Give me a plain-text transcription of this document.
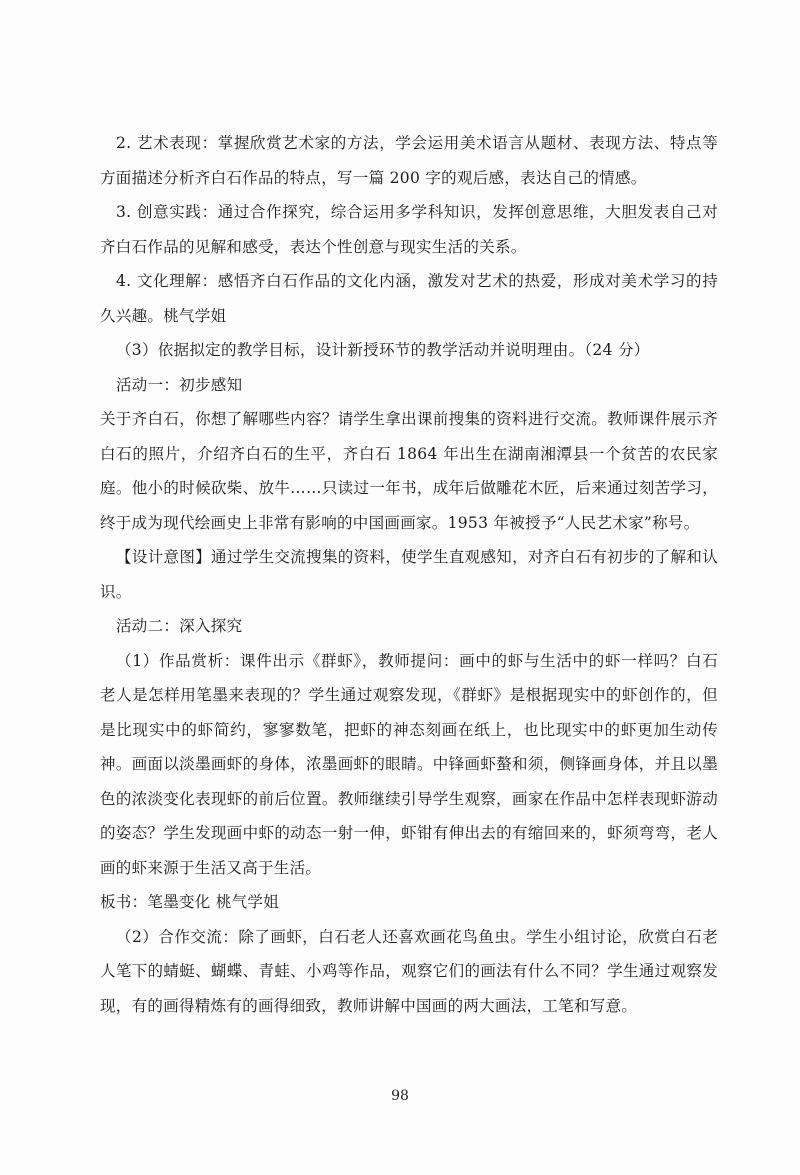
2. 艺术表现：掌握欣赏艺术家的方法，学会运用美术语言从题材、表现方法、特点等方面描述分析齐白石作品的特点，写一篇 200 字的观后感，表达自己的情感。

3. 创意实践：通过合作探究，综合运用多学科知识，发挥创意思维，大胆发表自己对齐白石作品的见解和感受，表达个性创意与现实生活的关系。

4. 文化理解：感悟齐白石作品的文化内涵，激发对艺术的热爱，形成对美术学习的持久兴趣。桃气学姐

（3）依据拟定的教学目标，设计新授环节的教学活动并说明理由。（24 分）

活动一：初步感知

关于齐白石，你想了解哪些内容？请学生拿出课前搜集的资料进行交流。教师课件展示齐白石的照片，介绍齐白石的生平，齐白石 1864 年出生在湖南湘潭县一个贫苦的农民家庭。他小的时候砍柴、放牛……只读过一年书，成年后做雕花木匠，后来通过刻苦学习，终于成为现代绘画史上非常有影响的中国画画家。1953 年被授予“人民艺术家”称号。

【设计意图】通过学生交流搜集的资料，使学生直观感知，对齐白石有初步的了解和认识。

活动二：深入探究

（1）作品赏析：课件出示《群虾》，教师提问：画中的虾与生活中的虾一样吗？白石老人是怎样用笔墨来表现的？学生通过观察发现，《群虾》是根据现实中的虾创作的，但是比现实中的虾简约，寥寥数笔，把虾的神态刻画在纸上，也比现实中的虾更加生动传神。画面以淡墨画虾的身体，浓墨画虾的眼睛。中锋画虾螯和须，侧锋画身体，并且以墨色的浓淡变化表现虾的前后位置。教师继续引导学生观察，画家在作品中怎样表现虾游动的姿态？学生发现画中虾的动态一射一伸，虾钳有伸出去的有缩回来的，虾须弯弯，老人画的虾来源于生活又高于生活。

板书：笔墨变化 桃气学姐

（2）合作交流：除了画虾，白石老人还喜欢画花鸟鱼虫。学生小组讨论，欣赏白石老人笔下的蜻蜓、蝴蝶、青蛙、小鸡等作品，观察它们的画法有什么不同？学生通过观察发现，有的画得精炼有的画得细致，教师讲解中国画的两大画法，工笔和写意。

98
